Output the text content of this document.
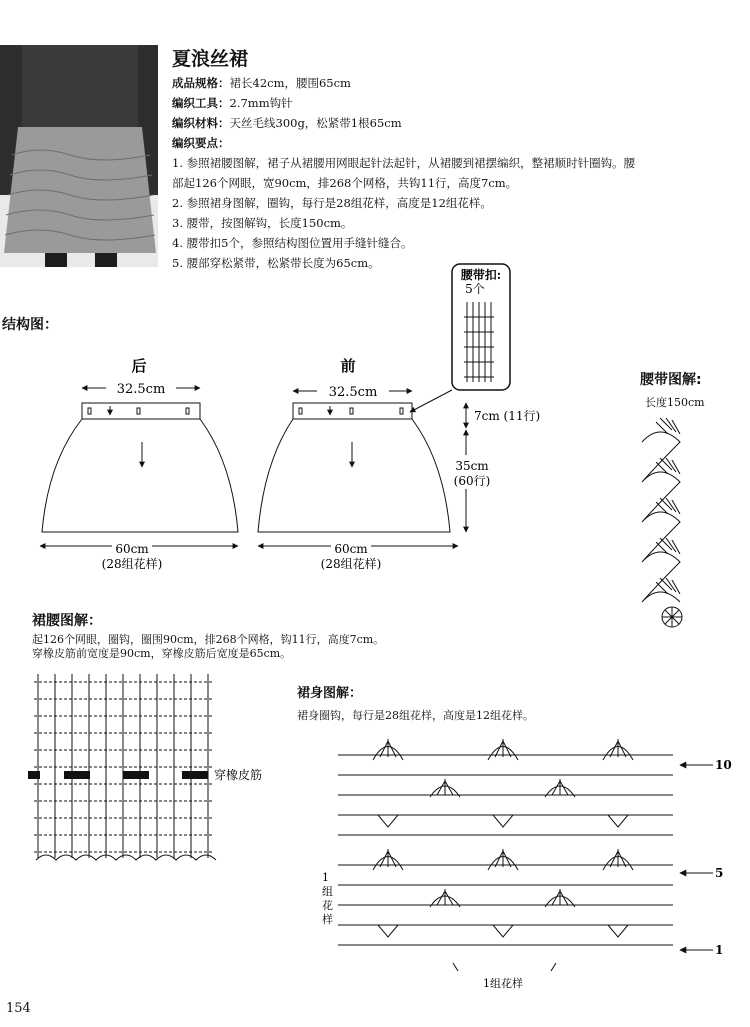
夏浪丝裙
成品规格：裙长42cm，腰围65cm
编织工具：2.7mm钩针
编织材料：天丝毛线300g，松紧带1根65cm
编织要点：
1. 参照裙腰图解，裙子从裙腰用网眼起针法起针，从裙腰到裙摆编织，整裙顺时针圈钩。腰
部起126个网眼，宽90cm，排268个网格，共钩11行，高度7cm。
2. 参照裙身图解，圈钩，每行是28组花样，高度是12组花样。
3. 腰带，按图解钩，长度150cm。
4. 腰带扣5个，参照结构图位置用手缝针缝合。
5. 腰部穿松紧带，松紧带长度为65cm。
结构图：
后
32.5cm
60cm
(28组花样)
前
32.5cm
60cm
(28组花样)
7cm (11行)
35cm
(60行)
腰带扣:
5个
腰带图解:
长度150cm
裙腰图解：
起126个网眼，圈钩，圈围90cm，排268个网格，钩11行，高度7cm。
穿橡皮筋前宽度是90cm，穿橡皮筋后宽度是65cm。
穿橡皮筋
裙身图解：
裙身圈钩，每行是28组花样，高度是12组花样。
10
5
1
1
组
花
样
1组花样
154
